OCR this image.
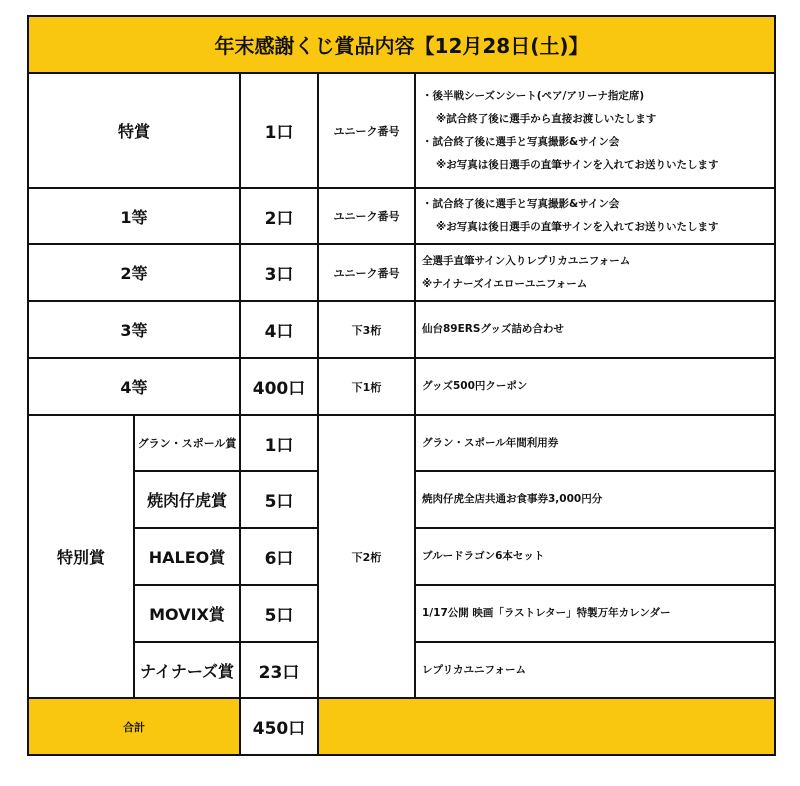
年末感謝くじ賞品内容【12月28日(土)】				
特賞		1口	ユニーク番号	・後半戦シーズンシート(ペア/アリーナ指定席)
※試合終了後に選手から直接お渡しいたします
・試合終了後に選手と写真撮影&サイン会
※お写真は後日選手の直筆サインを入れてお送りいたします

1等		2口	ユニーク番号	・試合終了後に選手と写真撮影&サイン会
※お写真は後日選手の直筆サインを入れてお送りいたします

2等		3口	ユニーク番号	全選手直筆サイン入りレプリカユニフォーム
※ナイナーズイエローユニフォーム

3等		4口	下3桁	仙台89ERSグッズ詰め合わせ

4等		400口	下1桁	グッズ500円クーポン

特別賞	グラン・スポール賞	1口	下2桁	グラン・スポール年間利用券
	焼肉仔虎賞	5口		焼肉仔虎全店共通お食事券3,000円分
	HALEO賞	6口		ブルードラゴン6本セット
	MOVIX賞	5口		1/17公開 映画「ラストレター」特製万年カレンダー
	ナイナーズ賞	23口		レプリカユニフォーム
合計		450口		
